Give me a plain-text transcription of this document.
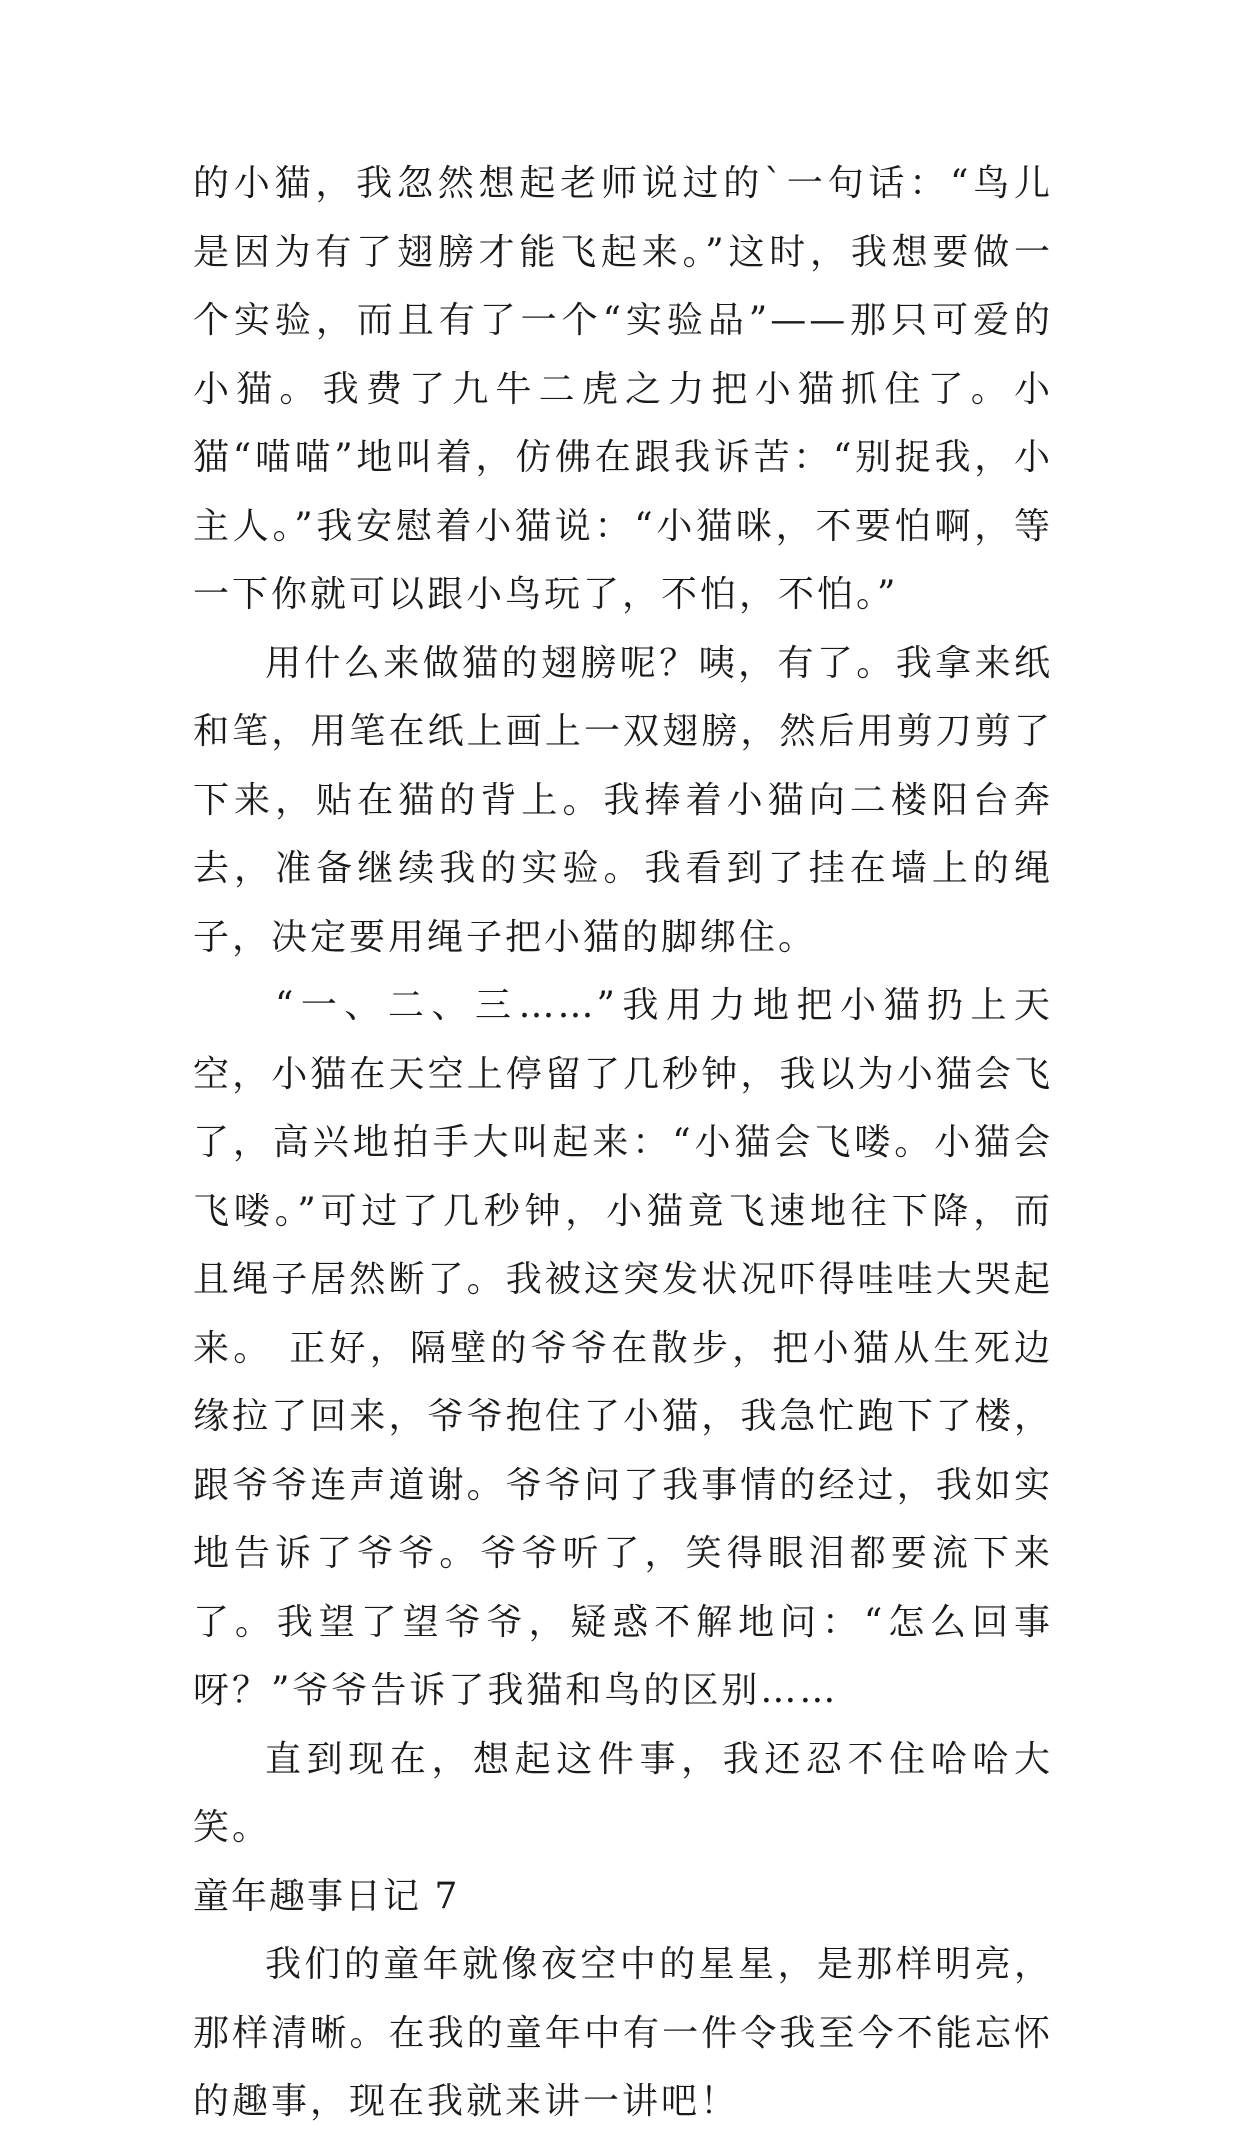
的小猫，我忽然想起老师说过的`一句话：“鸟儿是因为有了翅膀才能飞起来。”这时，我想要做一个实验，而且有了一个“实验品”——那只可爱的小猫。我费了九牛二虎之力把小猫抓住了。小猫“喵喵”地叫着，仿佛在跟我诉苦：“别捉我，小主人。”我安慰着小猫说：“小猫咪，不要怕啊，等一下你就可以跟小鸟玩了，不怕，不怕。”

用什么来做猫的翅膀呢？咦，有了。我拿来纸和笔，用笔在纸上画上一双翅膀，然后用剪刀剪了下来，贴在猫的背上。我捧着小猫向二楼阳台奔去，准备继续我的实验。我看到了挂在墙上的绳子，决定要用绳子把小猫的脚绑住。

“一、二、三……”我用力地把小猫扔上天空，小猫在天空上停留了几秒钟，我以为小猫会飞了，高兴地拍手大叫起来：“小猫会飞喽。小猫会飞喽。”可过了几秒钟，小猫竟飞速地往下降，而且绳子居然断了。我被这突发状况吓得哇哇大哭起来。 正好，隔壁的爷爷在散步，把小猫从生死边缘拉了回来，爷爷抱住了小猫，我急忙跑下了楼，跟爷爷连声道谢。爷爷问了我事情的经过，我如实地告诉了爷爷。爷爷听了，笑得眼泪都要流下来了。我望了望爷爷，疑惑不解地问：“怎么回事呀？”爷爷告诉了我猫和鸟的区别……

直到现在，想起这件事，我还忍不住哈哈大笑。

童年趣事日记 7

我们的童年就像夜空中的星星，是那样明亮，那样清晰。在我的童年中有一件令我至今不能忘怀的趣事，现在我就来讲一讲吧！
